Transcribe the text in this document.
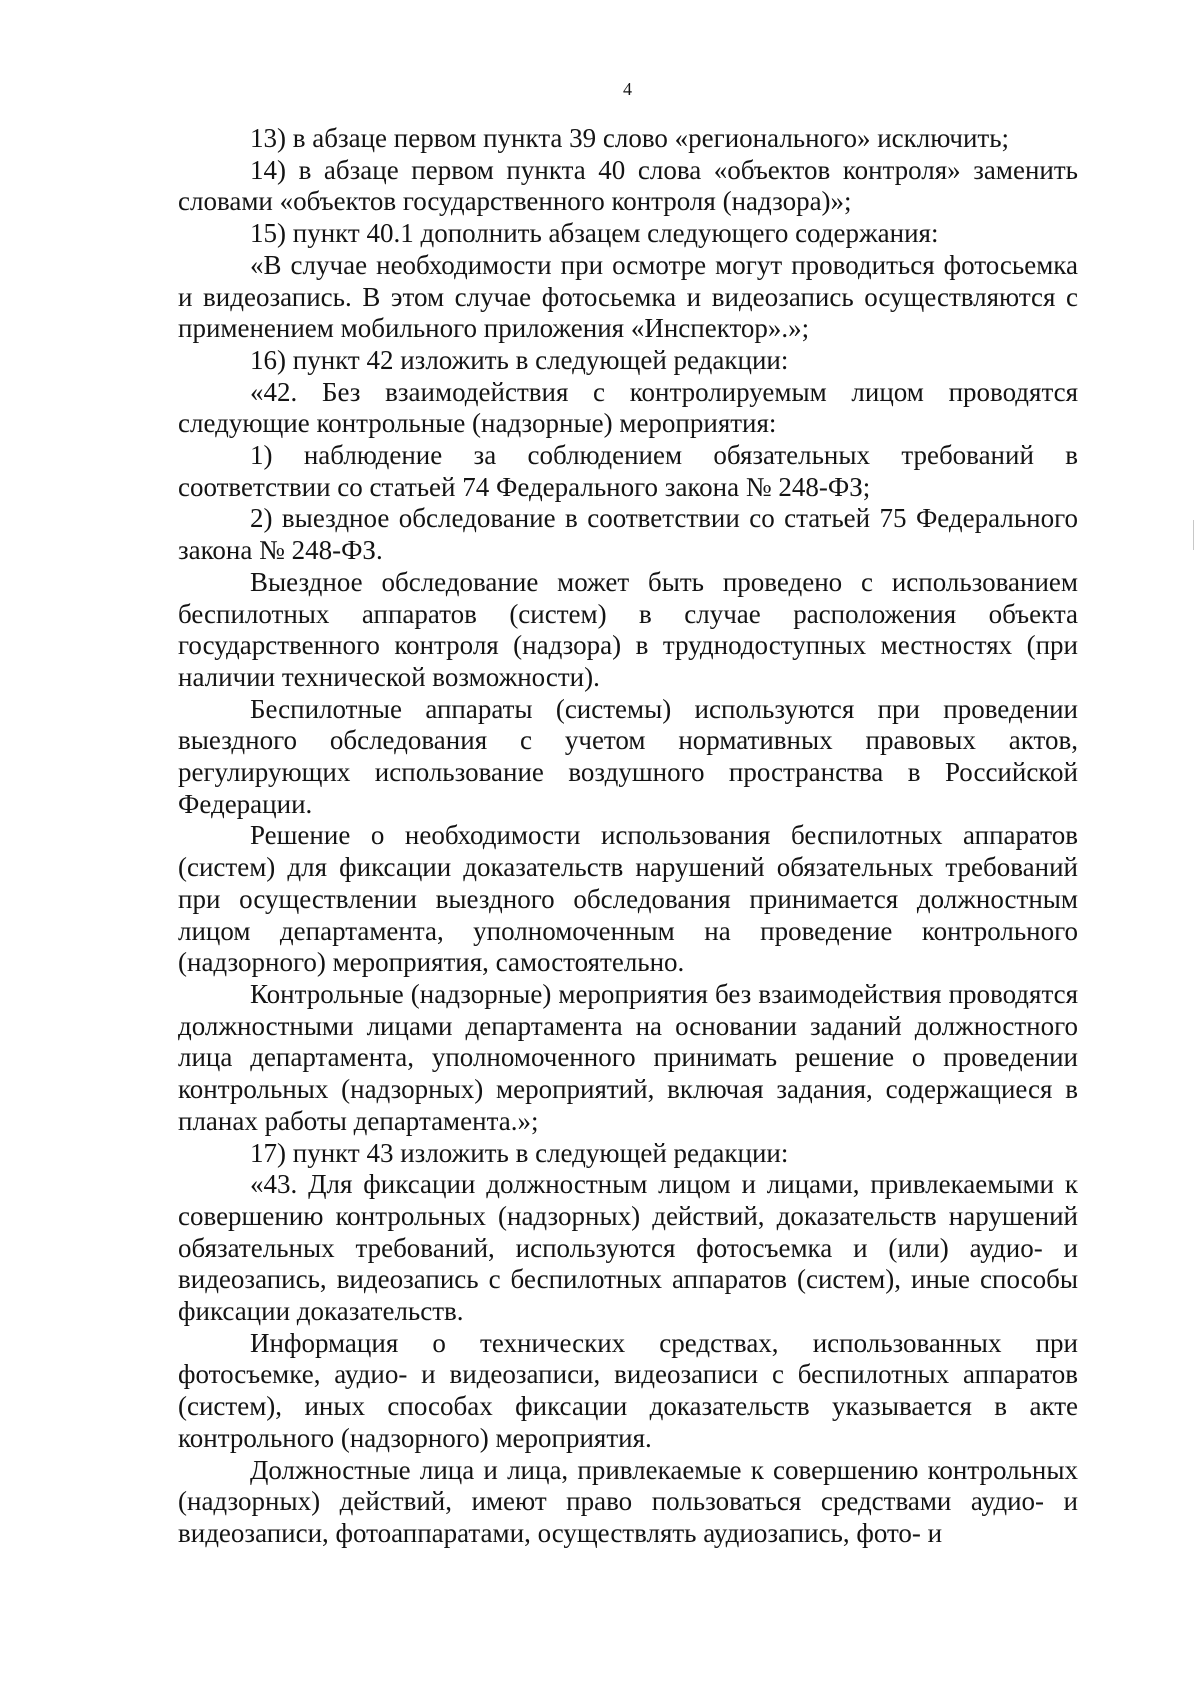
4

13) в абзаце первом пункта 39 слово «регионального» исключить;

14) в абзаце первом пункта 40 слова «объектов контроля» заменить словами «объектов государственного контроля (надзора)»;

15) пункт 40.1 дополнить абзацем следующего содержания:

«В случае необходимости при осмотре могут проводиться фотосьемка и видеозапись. В этом случае фотосьемка и видеозапись осуществляются с применением мобильного приложения «Инспектор».»;

16) пункт 42 изложить в следующей редакции:

«42. Без взаимодействия с контролируемым лицом проводятся следующие контрольные (надзорные) мероприятия:

1) наблюдение за соблюдением обязательных требований в соответствии со статьей 74 Федерального закона № 248-ФЗ;

2) выездное обследование в соответствии со статьей 75 Федерального закона № 248-ФЗ.

Выездное обследование может быть проведено с использованием беспилотных аппаратов (систем) в случае расположения объекта государственного контроля (надзора) в труднодоступных местностях (при наличии технической возможности).

Беспилотные аппараты (системы) используются при проведении выездного обследования с учетом нормативных правовых актов, регулирующих использование воздушного пространства в Российской Федерации.

Решение о необходимости использования беспилотных аппаратов (систем) для фиксации доказательств нарушений обязательных требований при осуществлении выездного обследования принимается должностным лицом департамента, уполномоченным на проведение контрольного (надзорного) мероприятия, самостоятельно.

Контрольные (надзорные) мероприятия без взаимодействия проводятся должностными лицами департамента на основании заданий должностного лица департамента, уполномоченного принимать решение о проведении контрольных (надзорных) мероприятий, включая задания, содержащиеся в планах работы департамента.»;

17) пункт 43 изложить в следующей редакции:

«43. Для фиксации должностным лицом и лицами, привлекаемыми к совершению контрольных (надзорных) действий, доказательств нарушений обязательных требований, используются фотосъемка и (или) аудио- и видеозапись, видеозапись с беспилотных аппаратов (систем), иные способы фиксации доказательств.

Информация о технических средствах, использованных при фотосъемке, аудио- и видеозаписи, видеозаписи с беспилотных аппаратов (систем), иных способах фиксации доказательств указывается в акте контрольного (надзорного) мероприятия.

Должностные лица и лица, привлекаемые к совершению контрольных (надзорных) действий, имеют право пользоваться средствами аудио- и видеозаписи, фотоаппаратами, осуществлять аудиозапись, фото- и
